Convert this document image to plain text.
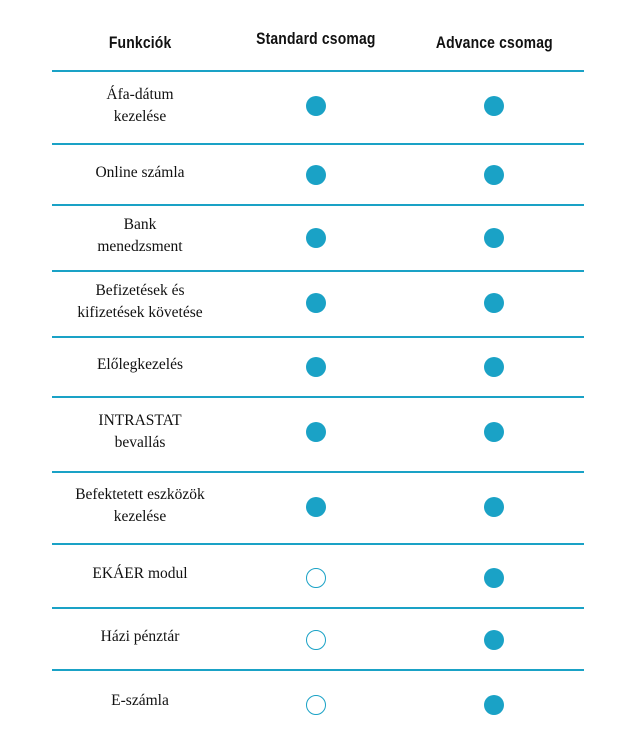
Funkciók	Standard csomag	Advance csomag
Áfa-dátum
kezelése
Online számla
Bank
menedzsment
Befizetések és
kifizetések követése
Előlegkezelés
INTRASTAT
bevallás
Befektetett eszközök
kezelése
EKÁER modul
Házi pénztár
E-számla
